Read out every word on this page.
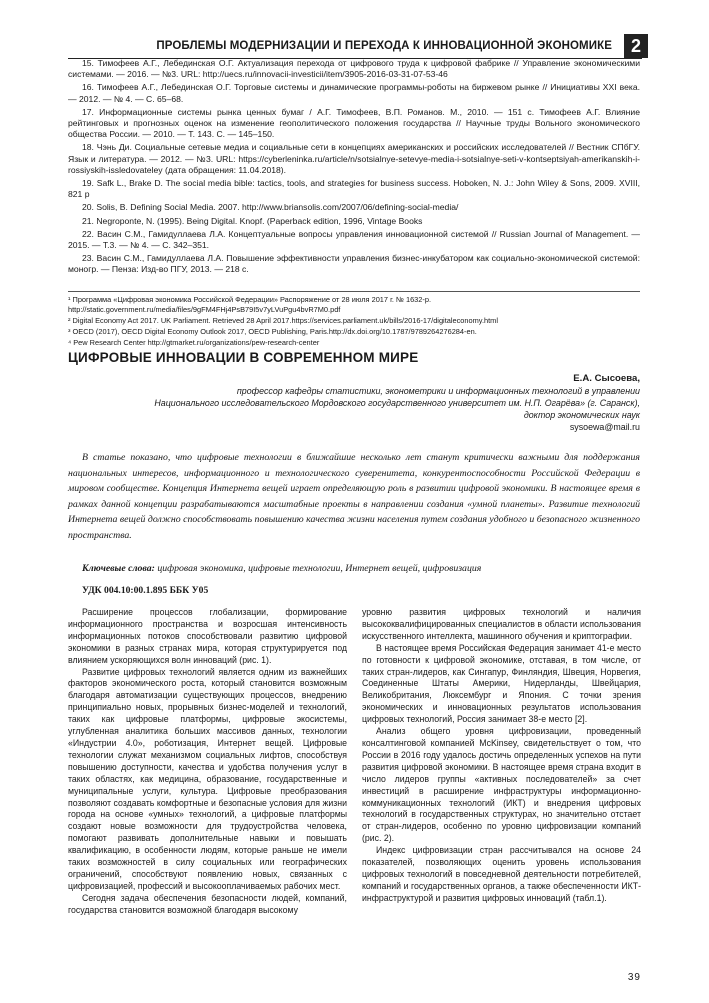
ПРОБЛЕМЫ МОДЕРНИЗАЦИИ И ПЕРЕХОДА К ИННОВАЦИОННОЙ ЭКОНОМИКЕ	2

15. Тимофеев А.Г., Лебединская О.Г. Актуализация перехода от цифрового труда к цифровой фабрике // Управление экономическими системами. — 2016. — №3. URL: http://uecs.ru/innovacii-investicii/item/3905-2016-03-31-07-53-46

16. Тимофеев А.Г., Лебединская О.Г. Торговые системы и динамические программы-роботы на биржевом рынке // Инициативы XXI века. — 2012. — № 4. — С. 65–68.

17. Информационные системы рынка ценных бумаг / А.Г. Тимофеев, В.П. Романов. М., 2010. — 151 с. Тимофеев А.Г. Влияние рейтинговых и прогнозных оценок на изменение геополитического положения государства // Научные труды Вольного экономического общества России. — 2010. — Т. 143. С. — 145–150.

18. Чэнь Ди. Социальные сетевые медиа и социальные сети в концепциях американских и российских исследователей // Вестник СПбГУ. Язык и литература. — 2012. — №3. URL: https://cyberleninka.ru/article/n/sotsialnye-setevye-media-i-sotsialnye-seti-v-kontseptsiyah-amerikanskih-i-rossiyskih-issledovateley (дата обращения: 11.04.2018).

19. Safk L., Brake D. The social media bible: tactics, tools, and strategies for business success. Hoboken, N. J.: John Wiley & Sons, 2009. XVIII, 821 p

20. Solis, B. Defining Social Media. 2007. http://www.briansolis.com/2007/06/defining-social-media/

21. Negroponte, N. (1995). Being Digital. Knopf. (Paperback edition, 1996, Vintage Books

22. Васин С.М., Гамидуллаева Л.А. Концептуальные вопросы управления инновационной системой // Russian Journal of Management. — 2015. — Т.3. — № 4. — С. 342–351.

23. Васин С.М., Гамидуллаева Л.А. Повышение эффективности управления бизнес-инкубатором как социально-экономической системой: моногр. — Пенза: Изд-во ПГУ, 2013. — 218 с.

¹ Программа «Цифровая экономика Российской Федерации» Распоряжение от 28 июля 2017 г. № 1632-р. http://static.government.ru/media/files/9gFM4FHj4PsB79I5v7yLVuPgu4bvR7M0.pdf

² Digital Economy Act 2017. UK Parliament. Retrieved 28 April 2017.https://services.parliament.uk/bills/2016-17/digitaleconomy.html

³ OECD (2017), OECD Digital Economy Outlook 2017, OECD Publishing, Paris.http://dx.doi.org/10.1787/9789264276284-en.

⁴ Pew Research Center http://gtmarket.ru/organizations/pew-research-center

ЦИФРОВЫЕ ИННОВАЦИИ В СОВРЕМЕННОМ МИРЕ
Е.А. Сысоева,
профессор кафедры статистики, эконометрики и информационных технологий в управлении
Национального исследовательского Мордовского государственного университет им. Н.П. Огарёва» (г. Саранск),
доктор экономических наук
sysoewa@mail.ru

В статье показано, что цифровые технологии в ближайшие несколько лет станут критически важными для поддержания национальных интересов, информационного и технологического суверенитета, конкурентоспособности Российской Федерации в мировом сообществе. Концепция Интернета вещей играет определяющую роль в развитии цифровой экономики. В настоящее время в рамках данной концепции разрабатываются масштабные проекты в направлении создания «умной планеты». Развитие технологий Интернета вещей должно способствовать повышению качества жизни населения путем создания удобного и безопасного жизненного пространства.

Ключевые слова: цифровая экономика, цифровые технологии, Интернет вещей, цифровизация
УДК 004.10:00.1.895 ББК У05

Расширение процессов глобализации, формирование информационного пространства и возросшая интенсивность информационных потоков способствовали развитию цифровой экономики в разных странах мира, которая структурируется под влиянием ускоряющихся волн инноваций (рис. 1).

Развитие цифровых технологий является одним из важнейших факторов экономического роста, который становится возможным благодаря автоматизации существующих процессов, внедрению принципиально новых, прорывных бизнес-моделей и технологий, таких как цифровые платформы, цифровые экосистемы, углубленная аналитика больших массивов данных, технологии «Индустрии 4.0», роботизация, Интернет вещей. Цифровые технологии служат механизмом социальных лифтов, способствуя повышению доступности, качества и удобства получения услуг в таких областях, как медицина, образование, государственные и муниципальные услуги, культура. Цифровые преобразования позволяют создавать комфортные и безопасные условия для жизни города на основе «умных» технологий, а цифровые платформы создают новые возможности для трудоустройства человека, помогают развивать дополнительные навыки и повышать квалификацию, в особенности людям, которые раньше не имели таких возможностей в силу социальных или географических ограничений, способствуют появлению новых, связанных с цифровизацией, профессий и высокооплачиваемых рабочих мест.

Сегодня задача обеспечения безопасности людей, компаний, государства становится возможной благодаря высокому

уровню развития цифровых технологий и наличия высококвалифицированных специалистов в области использования искусственного интеллекта, машинного обучения и криптографии.

В настоящее время Российская Федерация занимает 41-е место по готовности к цифровой экономике, отставая, в том числе, от таких стран-лидеров, как Сингапур, Финляндия, Швеция, Норвегия, Соединенные Штаты Америки, Нидерланды, Швейцария, Великобритания, Люксембург и Япония. С точки зрения экономических и инновационных результатов использования цифровых технологий, Россия занимает 38-е место [2].

Анализ общего уровня цифровизации, проведенный консалтинговой компанией McKinsey, свидетельствует о том, что России в 2016 году удалось достичь определенных успехов на пути развития цифровой экономики. В настоящее время страна входит в число лидеров группы «активных последователей» за счет инвестиций в расширение инфраструктуры информационно-коммуникационных технологий (ИКТ) и внедрения цифровых технологий в государственных структурах, но значительно отстает от стран-лидеров, особенно по уровню цифровизации компаний (рис. 2).

Индекс цифровизации стран рассчитывался на основе 24 показателей, позволяющих оценить уровень использования цифровых технологий в повседневной деятельности потребителей, компаний и государственных органов, а также обеспеченности ИКТ-инфраструктурой и развития цифровых инноваций (табл.1).

39
